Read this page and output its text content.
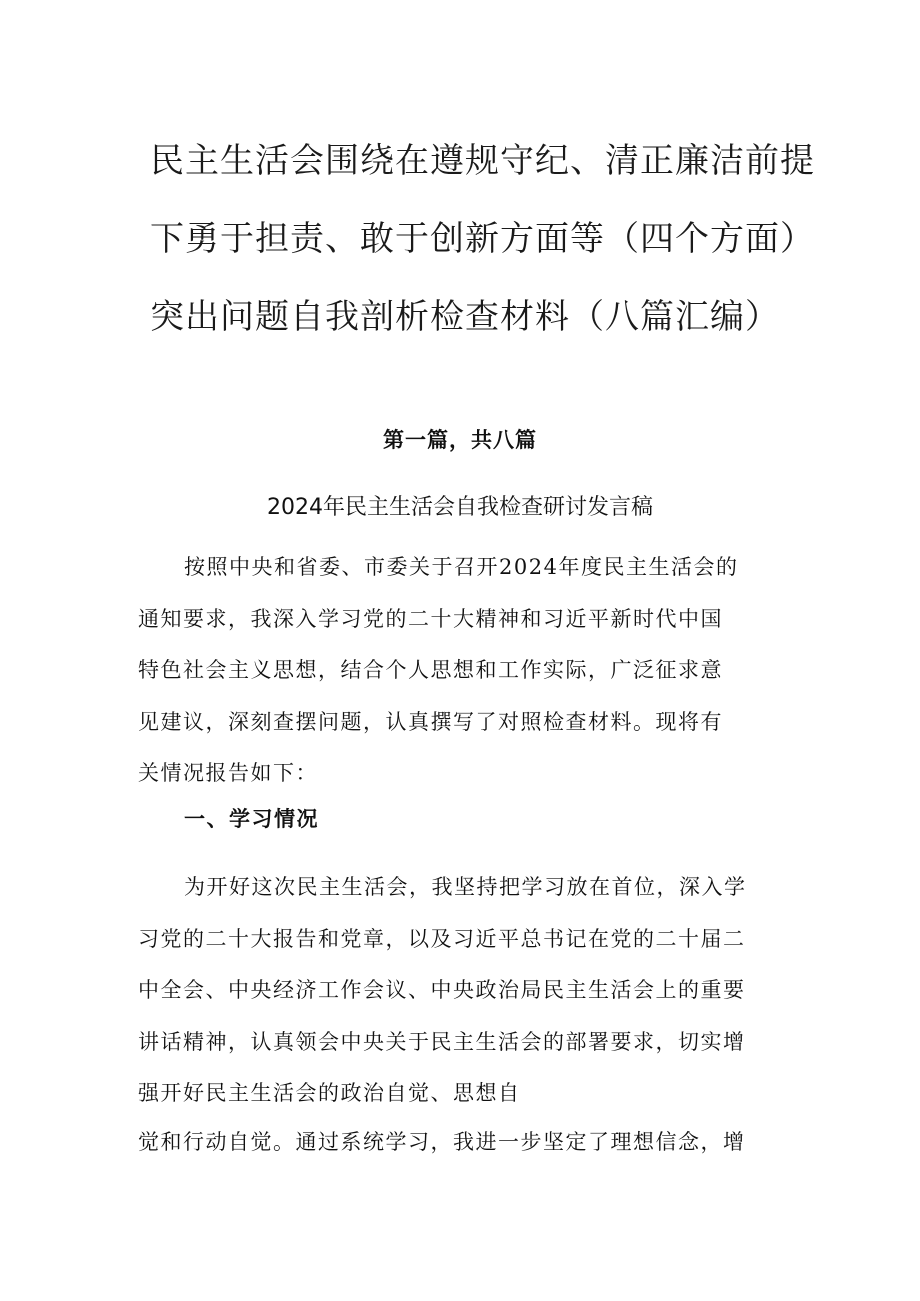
民主生活会围绕在遵规守纪、清正廉洁前提
下勇于担责、敢于创新方面等（四个方面）
突出问题自我剖析检查材料（八篇汇编）
第一篇，共八篇
2024年民主生活会自我检查研讨发言稿

按照中央和省委、市委关于召开2024年度民主生活会的
通知要求，我深入学习党的二十大精神和习近平新时代中国
特色社会主义思想，结合个人思想和工作实际，广泛征求意
见建议，深刻查摆问题，认真撰写了对照检查材料。现将有
关情况报告如下：

一、学习情况

为开好这次民主生活会，我坚持把学习放在首位，深入学
习党的二十大报告和党章，以及习近平总书记在党的二十届二
中全会、中央经济工作会议、中央政治局民主生活会上的重要
讲话精神，认真领会中央关于民主生活会的部署要求，切实增
强开好民主生活会的政治自觉、思想自

觉和行动自觉。通过系统学习，我进一步坚定了理想信念，增
